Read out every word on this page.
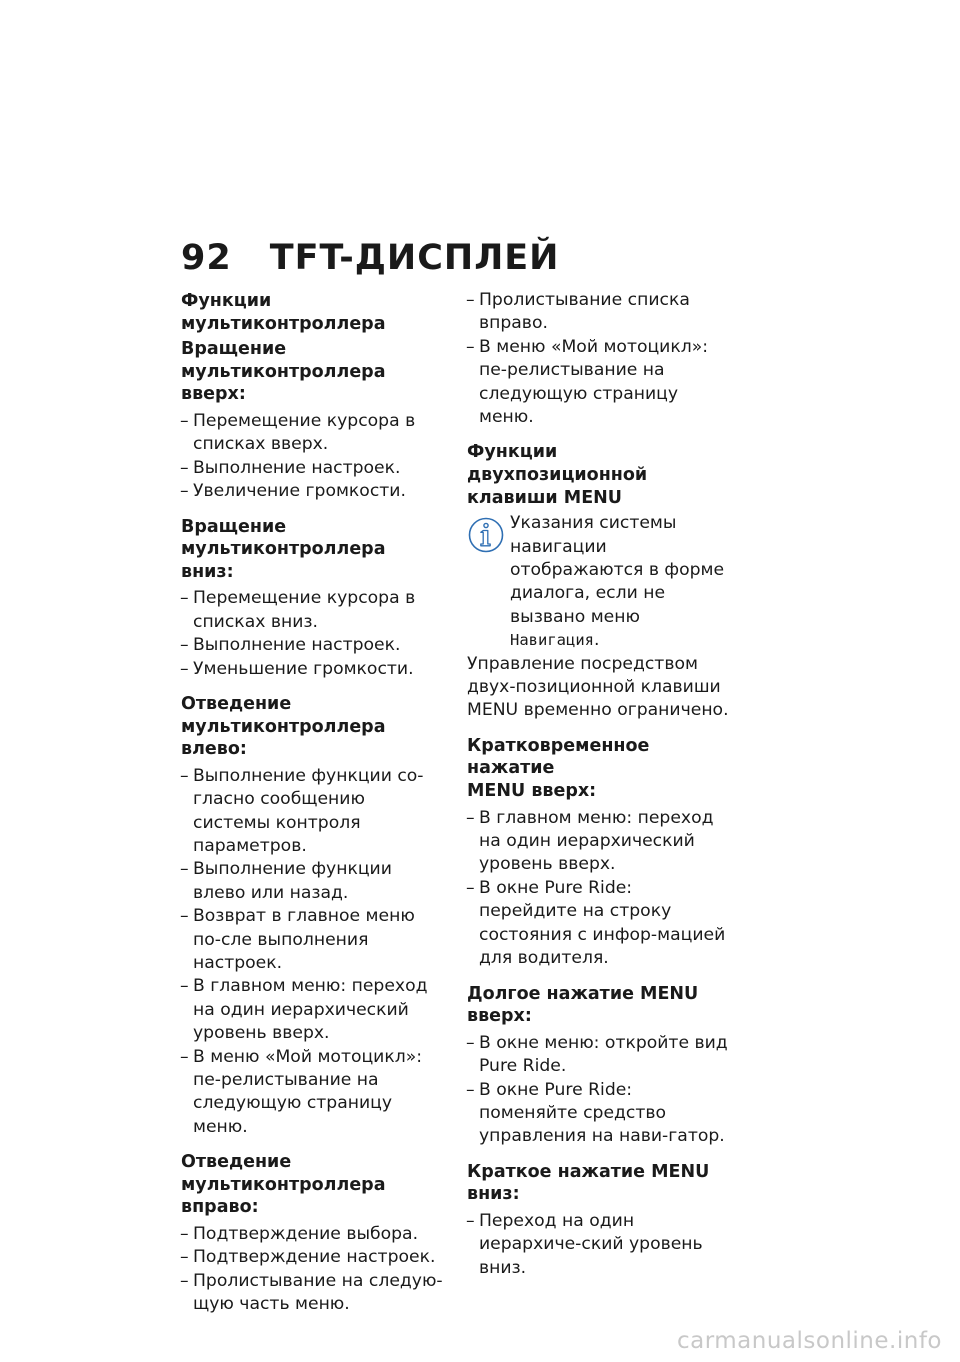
92 TFT-ДИСПЛЕЙ
Функции
мультиконтроллера
Вращение
мультиконтроллера вверх:
– Перемещение курсора в списках вверх.
– Выполнение настроек.
– Увеличение громкости.
Вращение
мультиконтроллера вниз:
– Перемещение курсора в списках вниз.
– Выполнение настроек.
– Уменьшение громкости.
Отведение
мультиконтроллера влево:
– Выполнение функции со-гласно сообщению системы контроля параметров.
– Выполнение функции влево или назад.
– Возврат в главное меню по-сле выполнения настроек.
– В главном меню: переход на один иерархический уровень вверх.
– В меню «Мой мотоцикл»: пе-релистывание на следующую страницу меню.
Отведение
мультиконтроллера вправо:
– Подтверждение выбора.
– Подтверждение настроек.
– Пролистывание на следую-щую часть меню.
– Пролистывание списка вправо.
– В меню «Мой мотоцикл»: пе-релистывание на следующую страницу меню.
Функции двухпозиционной
клавиши MENU
Указания системы навигации отображаются в форме диалога, если не вызвано меню Навигация.

Управление посредством двух-позиционной клавиши MENU временно ограничено.

Кратковременное нажатие
MENU вверх:
– В главном меню: переход на один иерархический уровень вверх.
– В окне Pure Ride: перейдите на строку состояния с инфор-мацией для водителя.
Долгое нажатие MENU
вверх:
– В окне меню: откройте вид Pure Ride.
– В окне Pure Ride: поменяйте средство управления на нави-гатор.
Краткое нажатие MENU
вниз:
– Переход на один иерархиче-ский уровень вниз.
carmanualsonline.info
